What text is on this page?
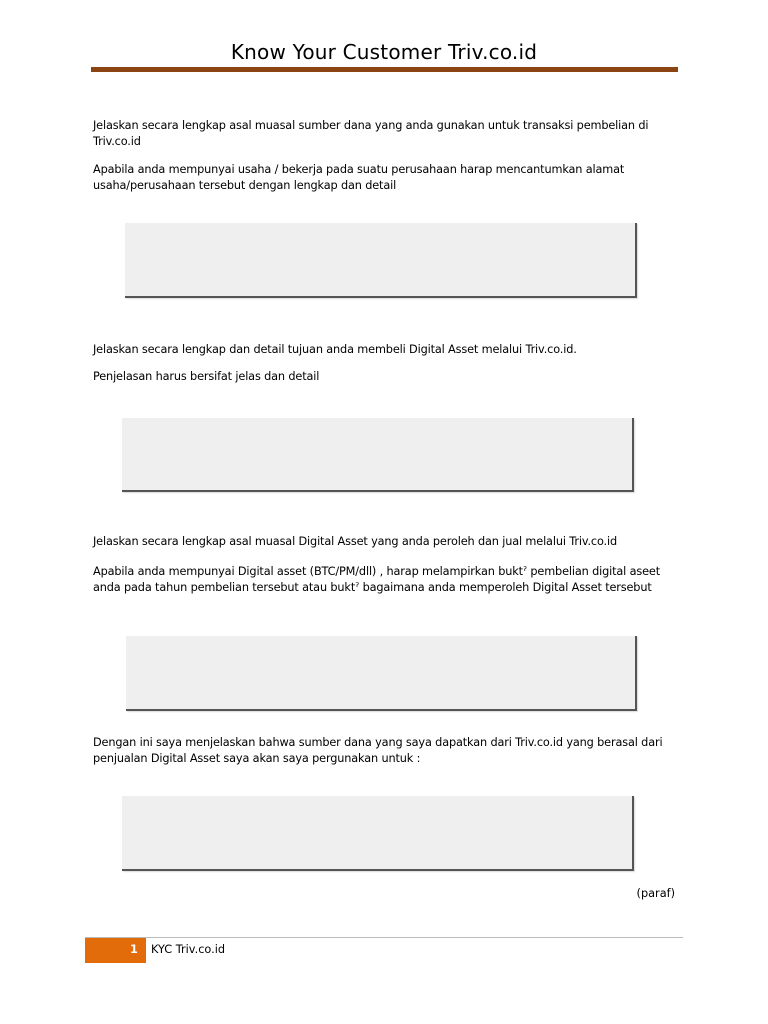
Know Your Customer Triv.co.id
Jelaskan secara lengkap asal muasal sumber dana yang anda gunakan untuk transaksi pembelian di Triv.co.id
Apabila anda mempunyai usaha / bekerja pada suatu perusahaan harap mencantumkan alamat usaha/perusahaan tersebut dengan lengkap dan detail
Jelaskan secara lengkap dan detail tujuan anda membeli Digital Asset melalui Triv.co.id.
Penjelasan harus bersifat jelas dan detail
Jelaskan secara lengkap asal muasal Digital Asset yang anda peroleh dan jual melalui Triv.co.id
Apabila anda mempunyai Digital asset (BTC/PM/dll) , harap melampirkan buktˀ pembelian digital aseet anda pada tahun pembelian tersebut atau buktˀ bagaimana anda memperoleh Digital Asset tersebut
Dengan ini saya menjelaskan bahwa sumber dana yang saya dapatkan dari Triv.co.id yang berasal dari penjualan Digital Asset saya akan saya pergunakan untuk :
(paraf)
1 KYC Triv.co.id
